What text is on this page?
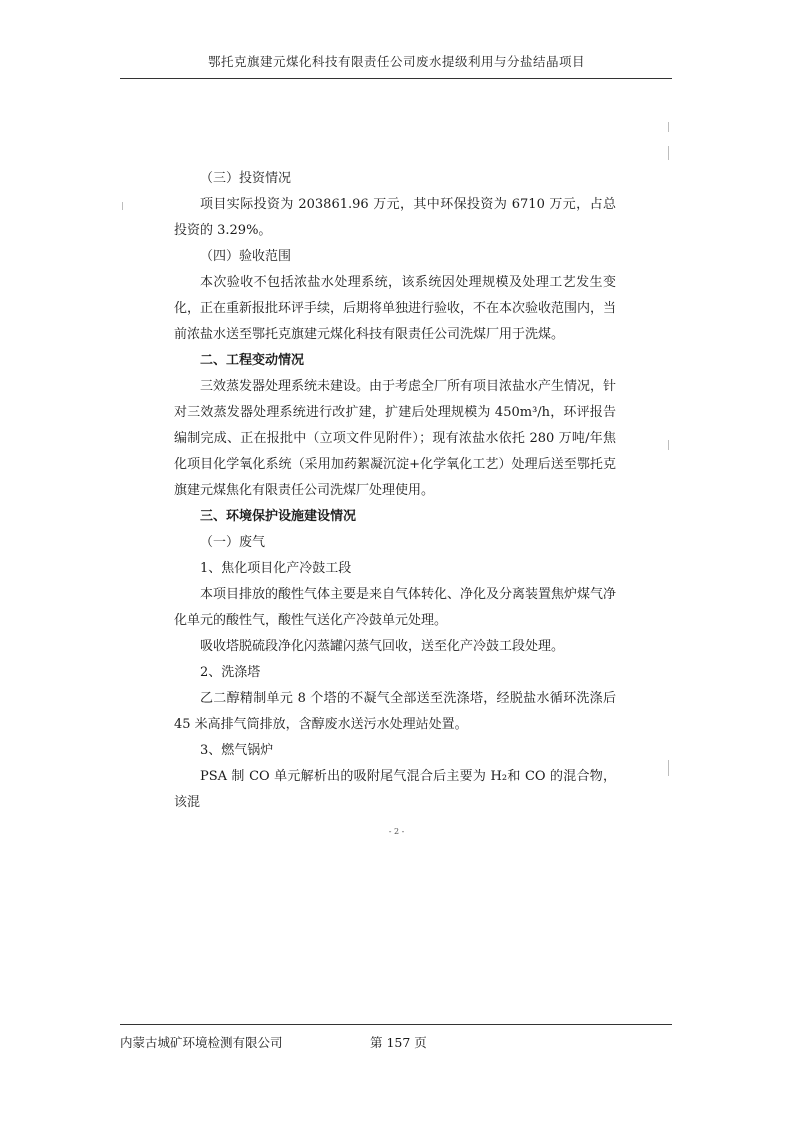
鄂托克旗建元煤化科技有限责任公司废水提级利用与分盐结晶项目

（三）投资情况

项目实际投资为 203861.96 万元，其中环保投资为 6710 万元，占总投资的 3.29%。

（四）验收范围

本次验收不包括浓盐水处理系统，该系统因处理规模及处理工艺发生变化，正在重新报批环评手续，后期将单独进行验收，不在本次验收范围内，当前浓盐水送至鄂托克旗建元煤化科技有限责任公司洗煤厂用于洗煤。

二、工程变动情况

三效蒸发器处理系统未建设。由于考虑全厂所有项目浓盐水产生情况，针对三效蒸发器处理系统进行改扩建，扩建后处理规模为 450m³/h，环评报告编制完成、正在报批中（立项文件见附件）；现有浓盐水依托 280 万吨/年焦化项目化学氧化系统（采用加药絮凝沉淀+化学氧化工艺）处理后送至鄂托克旗建元煤焦化有限责任公司洗煤厂处理使用。

三、环境保护设施建设情况

（一）废气

1、焦化项目化产冷鼓工段

本项目排放的酸性气体主要是来自气体转化、净化及分离装置焦炉煤气净化单元的酸性气，酸性气送化产冷鼓单元处理。

吸收塔脱硫段净化闪蒸罐闪蒸气回收，送至化产冷鼓工段处理。

2、洗涤塔

乙二醇精制单元 8 个塔的不凝气全部送至洗涤塔，经脱盐水循环洗涤后 45 米高排气筒排放，含醇废水送污水处理站处置。

3、燃气锅炉

PSA 制 CO 单元解析出的吸附尾气混合后主要为 H₂和 CO 的混合物，该混

- 2 -
内蒙古城矿环境检测有限公司	第 157 页
